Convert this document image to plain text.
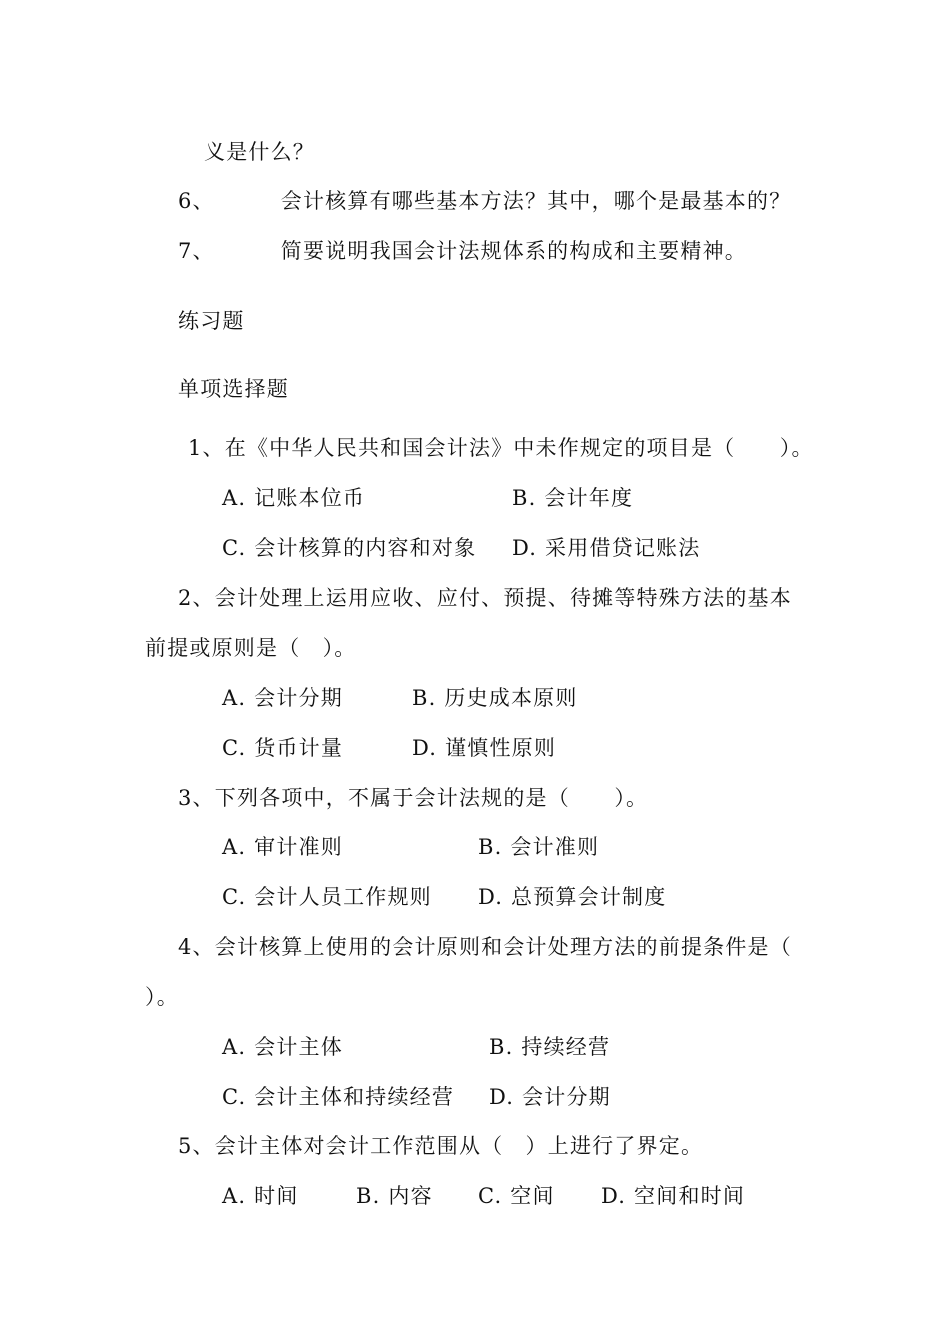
义是什么？
6、	会计核算有哪些基本方法？其中，哪个是最基本的？
7、	简要说明我国会计法规体系的构成和主要精神。
练习题
单项选择题
1、在《中华人民共和国会计法》中未作规定的项目是（　　）。
A. 记账本位币	B. 会计年度
C. 会计核算的内容和对象 D. 采用借贷记账法
2、会计处理上运用应收、应付、预提、待摊等特殊方法的基本
前提或原则是（　）。
A. 会计分期	B. 历史成本原则
C. 货币计量	D. 谨慎性原则
3、下列各项中，不属于会计法规的是（　　）。
A. 审计准则	B. 会计准则
C. 会计人员工作规则 D. 总预算会计制度
4、会计核算上使用的会计原则和会计处理方法的前提条件是（
）。
A. 会计主体	B. 持续经营
C. 会计主体和持续经营 D. 会计分期
5、会计主体对会计工作范围从（　）上进行了界定。
A. 时间	B. 内容 C. 空间 D. 空间和时间
